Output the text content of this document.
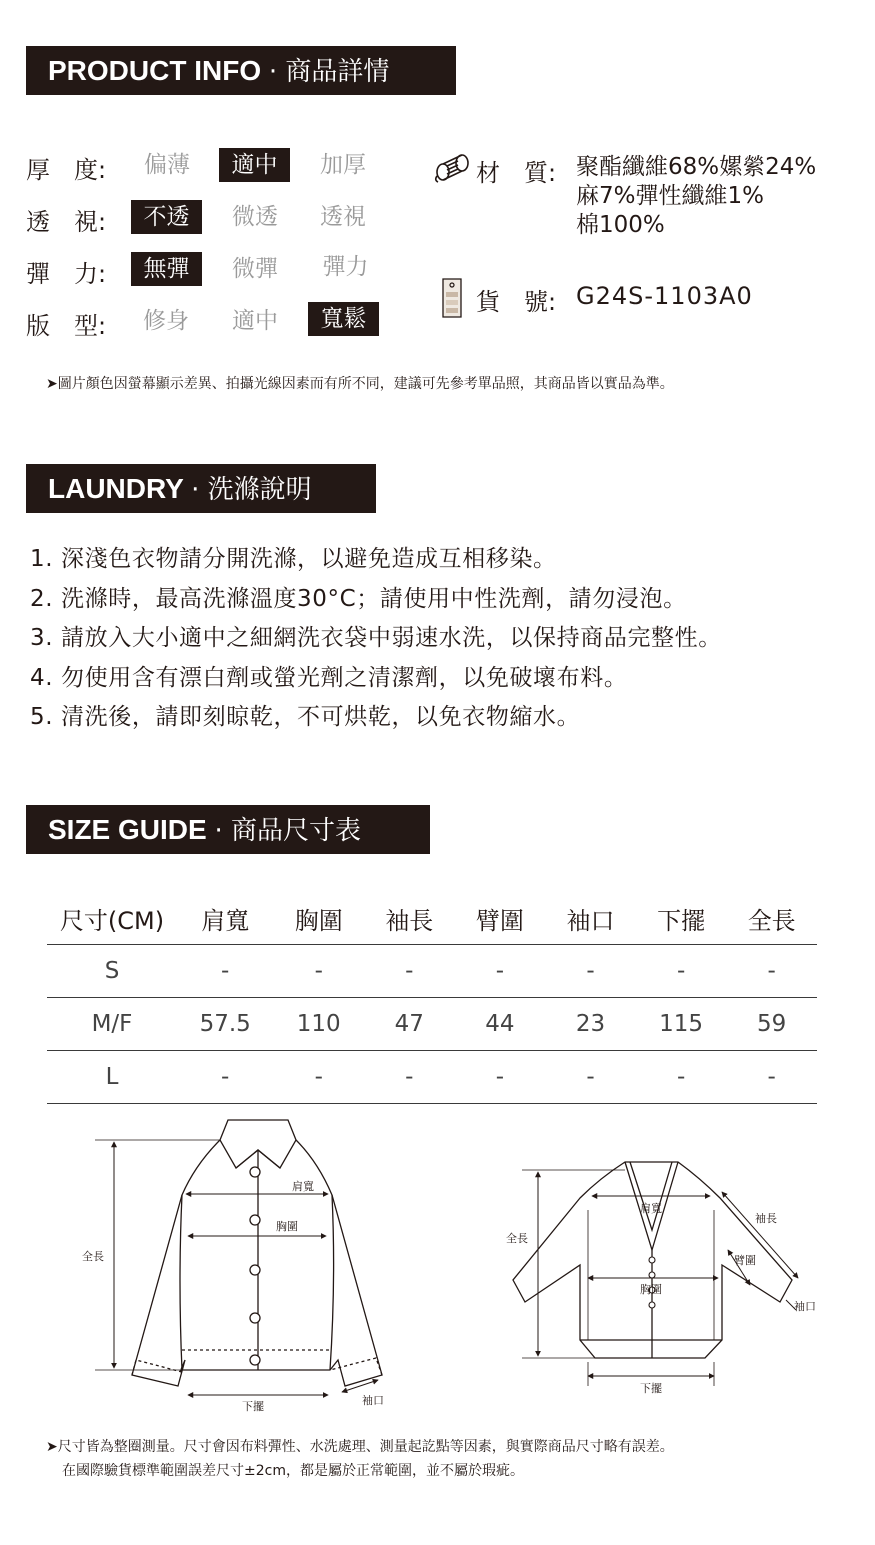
PRODUCT INFO · 商品詳情
厚　度:	偏薄	適中	加厚
透　視:	不透	微透	透視
彈　力:	無彈	微彈	彈力
版　型:	修身	適中	寬鬆
材　質: 聚酯纖維68%嫘縈24%
麻7%彈性纖維1%
棉100%
貨　號: G24S-1103A0
➤圖片顏色因螢幕顯示差異、拍攝光線因素而有所不同，建議可先參考單品照，其商品皆以實品為準。
LAUNDRY · 洗滌說明
1. 深淺色衣物請分開洗滌，以避免造成互相移染。
2. 洗滌時，最高洗滌溫度30°C；請使用中性洗劑，請勿浸泡。
3. 請放入大小適中之細網洗衣袋中弱速水洗，以保持商品完整性。
4. 勿使用含有漂白劑或螢光劑之清潔劑，以免破壞布料。
5. 清洗後，請即刻晾乾，不可烘乾，以免衣物縮水。
SIZE GUIDE · 商品尺寸表
尺寸(CM)	肩寬	胸圍	袖長	臂圍	袖口	下擺	全長
S	-	-	-	-	-	-	-
M/F	57.5	110	47	44	23	115	59
L	-	-	-	-	-	-	-
肩寬
胸圍
全長
下擺	袖口
肩寬
袖長
臂圍
胸圍
袖口
全長
下擺
➤尺寸皆為整圈測量。尺寸會因布料彈性、水洗處理、測量起訖點等因素，與實際商品尺寸略有誤差。
在國際驗貨標準範圍誤差尺寸±2cm，都是屬於正常範圍，並不屬於瑕疵。
